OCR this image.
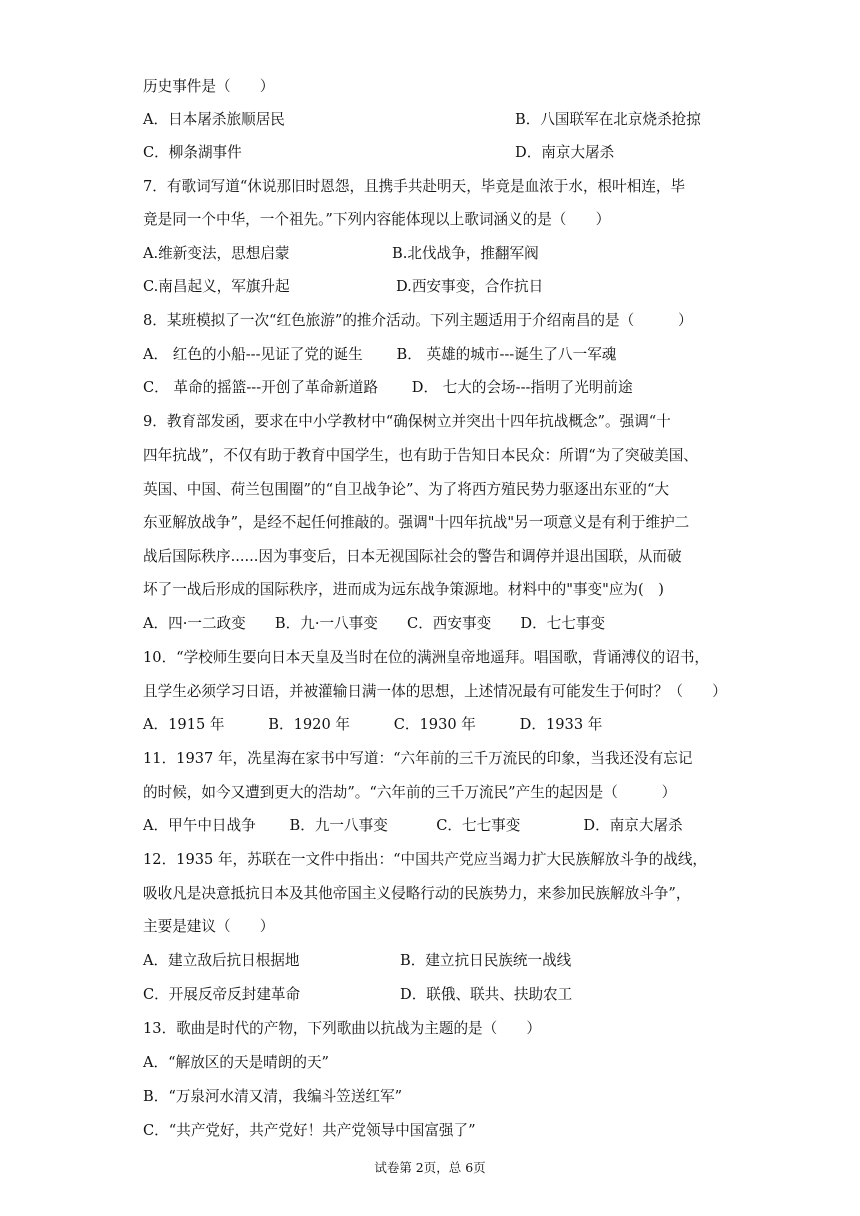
历史事件是（　　）
A．日本屠杀旅顺居民	B．八国联军在北京烧杀抢掠
C．柳条湖事件	D．南京大屠杀
7．有歌词写道“休说那旧时恩怨，且携手共赴明天，毕竟是血浓于水，根叶相连，毕
竟是同一个中华，一个祖先。”下列内容能体现以上歌词涵义的是（　　）
A.维新变法，思想启蒙	B.北伐战争，推翻军阀
C.南昌起义，军旗升起	D.西安事变，合作抗日
8．某班模拟了一次“红色旅游”的推介活动。下列主题适用于介绍南昌的是（　　　）
A． 红色的小船---见证了党的诞生　　 B． 英雄的城市---诞生了八一军魂
C． 革命的摇篮---开创了革命新道路　　 D． 七大的会场---指明了光明前途
9．教育部发函，要求在中小学教材中“确保树立并突出十四年抗战概念”。强调“十
四年抗战”，不仅有助于教育中国学生，也有助于告知日本民众：所谓“为了突破美国、
英国、中国、荷兰包围圈”的“自卫战争论”、为了将西方殖民势力驱逐出东亚的“大
东亚解放战争”，是经不起任何推敲的。强调"十四年抗战"另一项意义是有利于维护二
战后国际秩序......因为事变后，日本无视国际社会的警告和调停并退出国联，从而破
坏了一战后形成的国际秩序，进而成为远东战争策源地。材料中的"事变"应为(　)
A．四·一二政变　　B．九·一八事变　　C．西安事变　　D．七七事变
10．“学校师生要向日本天皇及当时在位的满洲皇帝地遥拜。唱国歌，背诵溥仪的诏书，
且学生必须学习日语，并被灌输日满一体的思想，上述情况最有可能发生于何时？（　　）
A．1915 年　　　B．1920 年　　　C．1930 年　　　D．1933 年
11．1937 年，冼星海在家书中写道：“六年前的三千万流民的印象，当我还没有忘记
的时候，如今又遭到更大的浩劫”。“六年前的三千万流民”产生的起因是（　　　）
A．甲午中日战争　　 B．九一八事变　　　 C．七七事变　　　　 D．南京大屠杀
12．1935 年，苏联在一文件中指出：“中国共产党应当竭力扩大民族解放斗争的战线，
吸收凡是决意抵抗日本及其他帝国主义侵略行动的民族势力，来参加民族解放斗争”，
主要是建议（　　）
A．建立敌后抗日根据地	B．建立抗日民族统一战线
C．开展反帝反封建革命	D．联俄、联共、扶助农工
13．歌曲是时代的产物，下列歌曲以抗战为主题的是（　　）
A．“解放区的天是晴朗的天”
B．“万泉河水清又清，我编斗笠送红军”
C．“共产党好，共产党好！共产党领导中国富强了”
试卷第 2页，总 6页
